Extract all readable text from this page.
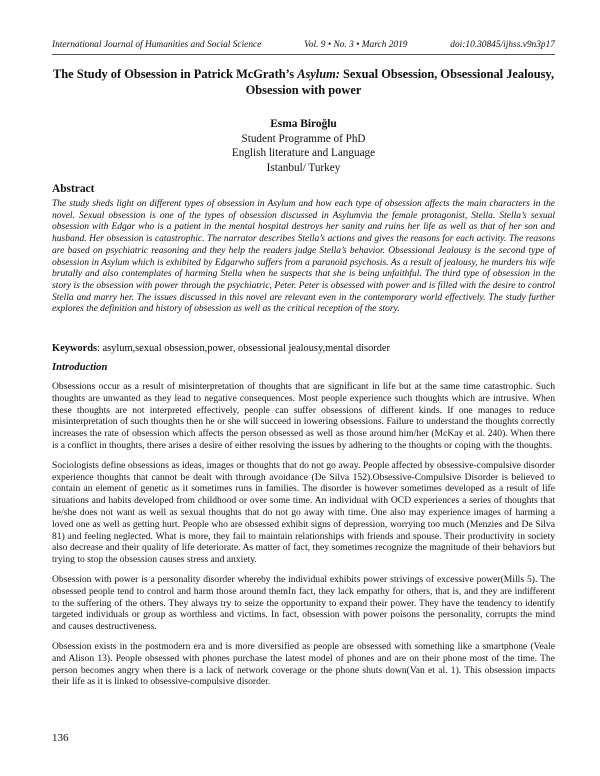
International Journal of Humanities and Social Science	Vol. 9 • No. 3 • March 2019	doi:10.30845/ijhss.v9n3p17
The Study of Obsession in Patrick McGrath’s Asylum: Sexual Obsession, Obsessional Jealousy, Obsession with power
Esma Biroğlu
Student Programme of PhD
English literature and Language
Istanbul/ Turkey
Abstract

The study sheds light on different types of obsession in Asylum and how each type of obsession affects the main characters in the novel. Sexual obsession is one of the types of obsession discussed in Asylumvia the female protagonist, Stella. Stella’s sexual obsession with Edgar who is a patient in the mental hospital destroys her sanity and ruins her life as well as that of her son and husband. Her obsession is catastrophic. The narrator describes Stella’s actions and gives the reasons for each activity. The reasons are based on psychiatric reasoning and they help the readers judge Stella’s behavior. Obsessional Jealousy is the second type of obsession in Asylum which is exhibited by Edgarwho suffers from a paranoid psychosis. As a result of jealousy, he murders his wife brutally and also contemplates of harming Stella when he suspects that she is being unfaithful. The third type of obsession in the story is the obsession with power through the psychiatric, Peter. Peter is obsessed with power and is filled with the desire to control Stella and marry her. The issues discussed in this novel are relevant even in the contemporary world effectively. The study further explores the definition and history of obsession as well as the critical reception of the story.

Keywords: asylum,sexual obsession,power, obsessional jealousy,mental disorder
Introduction

Obsessions occur as a result of misinterpretation of thoughts that are significant in life but at the same time catastrophic. Such thoughts are unwanted as they lead to negative consequences. Most people experience such thoughts which are intrusive. When these thoughts are not interpreted effectively, people can suffer obsessions of different kinds. If one manages to reduce misinterpretation of such thoughts then he or she will succeed in lowering obsessions. Failure to understand the thoughts correctly increases the rate of obsession which affects the person obsessed as well as those around him/her (McKay et al. 240). When there is a conflict in thoughts, there arises a desire of either resolving the issues by adhering to the thoughts or coping with the thoughts.

Sociologists define obsessions as ideas, images or thoughts that do not go away. People affected by obsessive-compulsive disorder experience thoughts that cannot be dealt with through avoidance (De Silva 152).Obsessive-Compulsive Disorder is believed to contain an element of genetic as it sometimes runs in families. The disorder is however sometimes developed as a result of life situations and habits developed from childhood or over some time. An individual with OCD experiences a series of thoughts that he/she does not want as well as sexual thoughts that do not go away with time. One also may experience images of harming a loved one as well as getting hurt. People who are obsessed exhibit signs of depression, worrying too much (Menzies and De Silva 81) and feeling neglected. What is more, they fail to maintain relationships with friends and spouse. Their productivity in society also decrease and their quality of life deteriorate. As matter of fact, they sometimes recognize the magnitude of their behaviors but trying to stop the obsession causes stress and anxiety.

Obsession with power is a personality disorder whereby the individual exhibits power strivings of excessive power(Mills 5). The obsessed people tend to control and harm those around themIn fact, they lack empathy for others, that is, and they are indifferent to the suffering of the others. They always try to seize the opportunity to expand their power. They have the tendency to identify targeted individuals or group as worthless and victims. In fact, obsession with power poisons the personality, corrupts the mind and causes destructiveness.

Obsession exists in the postmodern era and is more diversified as people are obsessed with something like a smartphone (Veale and Alison 13). People obsessed with phones purchase the latest model of phones and are on their phone most of the time. The person becomes angry when there is a lack of network coverage or the phone shuts down(Van et al. 1). This obsession impacts their life as it is linked to obsessive-compulsive disorder.

136
